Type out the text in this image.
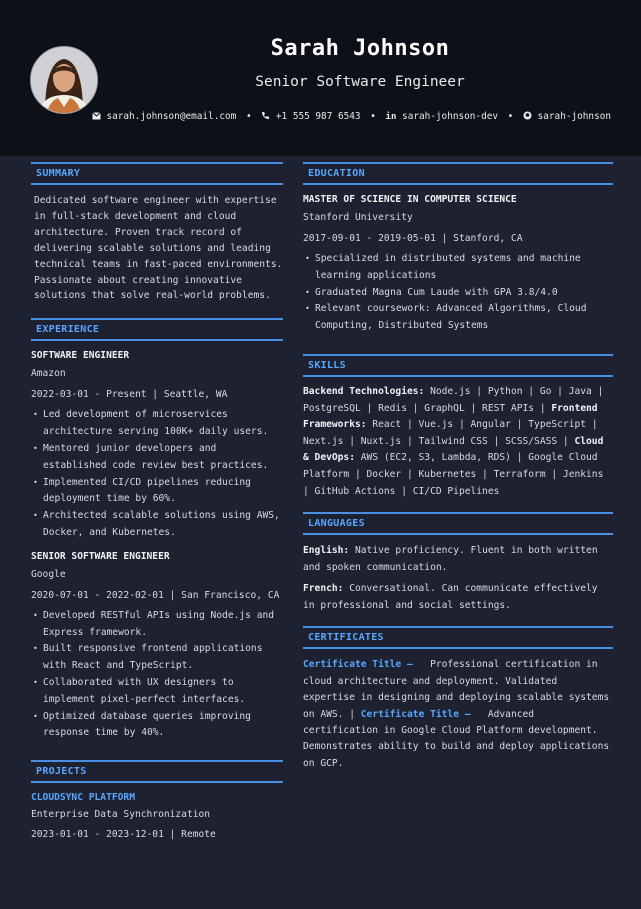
Sarah Johnson
Senior Software Engineer
sarah.johnson@email.com •	+1 555 987 6543 • in sarah-johnson-dev •	sarah-johnson
SUMMARY
Dedicated software engineer with expertise in full-stack development and cloud architecture. Proven track record of delivering scalable solutions and leading technical teams in fast-paced environments. Passionate about creating innovative solutions that solve real-world problems.
EXPERIENCE
SOFTWARE ENGINEER
Amazon
2022-03-01 - Present | Seattle, WA
• Led development of microservices architecture serving 100K+ daily users.
• Mentored junior developers and established code review best practices.
• Implemented CI/CD pipelines reducing deployment time by 60%.
• Architected scalable solutions using AWS, Docker, and Kubernetes.
SENIOR SOFTWARE ENGINEER
Google
2020-07-01 - 2022-02-01 | San Francisco, CA
• Developed RESTful APIs using Node.js and Express framework.
• Built responsive frontend applications with React and TypeScript.
• Collaborated with UX designers to implement pixel-perfect interfaces.
• Optimized database queries improving response time by 40%.
PROJECTS
CLOUDSYNC PLATFORM
Enterprise Data Synchronization
2023-01-01 - 2023-12-01 | Remote
EDUCATION
MASTER OF SCIENCE IN COMPUTER SCIENCE
Stanford University
2017-09-01 - 2019-05-01 | Stanford, CA
• Specialized in distributed systems and machine learning applications
• Graduated Magna Cum Laude with GPA 3.8/4.0
• Relevant coursework: Advanced Algorithms, Cloud Computing, Distributed Systems
SKILLS
Backend Technologies: Node.js | Python | Go | Java | PostgreSQL | Redis | GraphQL | REST APIs | Frontend Frameworks: React | Vue.js | Angular | TypeScript | Next.js | Nuxt.js | Tailwind CSS | SCSS/SASS | Cloud & DevOps: AWS (EC2, S3, Lambda, RDS) | Google Cloud Platform | Docker | Kubernetes | Terraform | Jenkins | GitHub Actions | CI/CD Pipelines
LANGUAGES

English: Native proficiency. Fluent in both written and spoken communication.

French: Conversational. Can communicate effectively in professional and social settings.

CERTIFICATES
Certificate Title — Professional certification in cloud architecture and deployment. Validated expertise in designing and deploying scalable systems on AWS. | Certificate Title — Advanced certification in Google Cloud Platform development. Demonstrates ability to build and deploy applications on GCP.
